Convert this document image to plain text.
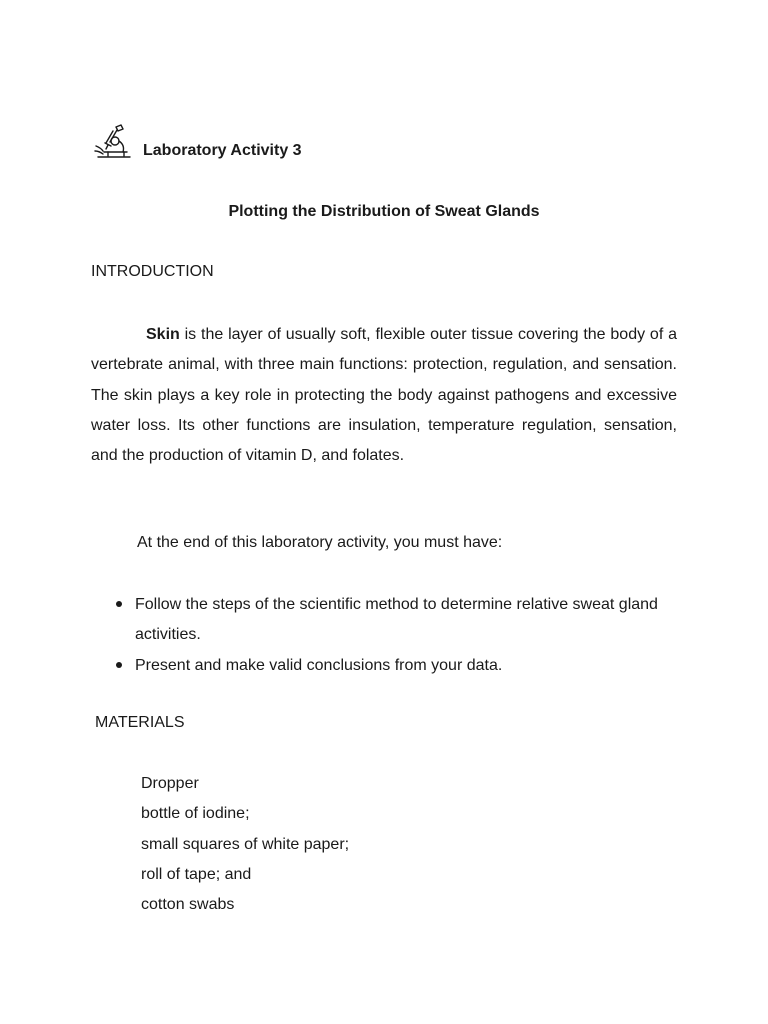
Laboratory Activity 3
Plotting the Distribution of Sweat Glands
INTRODUCTION

Skin is the layer of usually soft, flexible outer tissue covering the body of a vertebrate animal, with three main functions: protection, regulation, and sensation. The skin plays a key role in protecting the body against pathogens and excessive water loss. Its other functions are insulation, temperature regulation, sensation, and the production of vitamin D, and folates.

At the end of this laboratory activity, you must have:
Follow the steps of the scientific method to determine relative sweat gland activities.
Present and make valid conclusions from your data.
MATERIALS
Dropper
bottle of iodine;
small squares of white paper;
roll of tape; and
cotton swabs
